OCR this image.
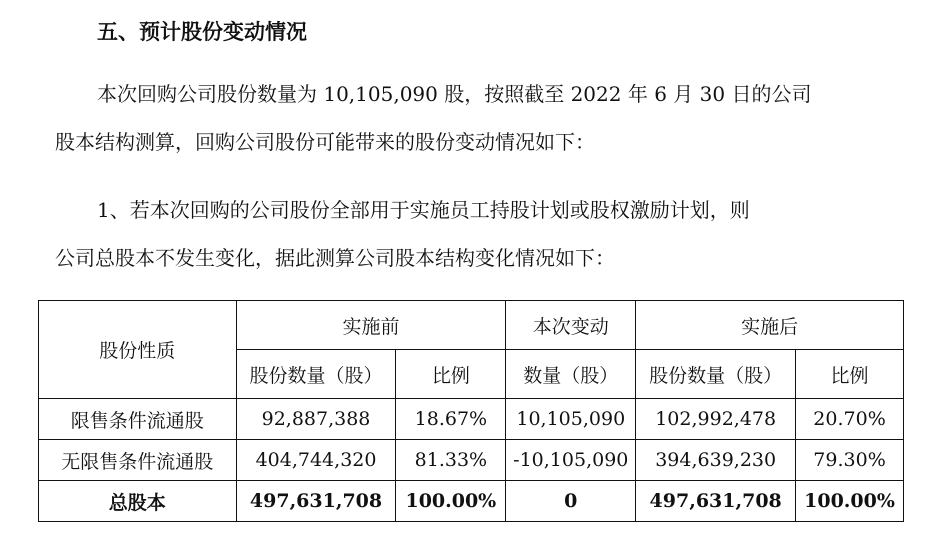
五、预计股份变动情况
本次回购公司股份数量为 10,105,090 股，按照截至 2022 年 6 月 30 日的公司
股本结构测算，回购公司股份可能带来的股份变动情况如下：
1、若本次回购的公司股份全部用于实施员工持股计划或股权激励计划，则
公司总股本不发生变化，据此测算公司股本结构变化情况如下：
股份性质	实施前		本次变动	实施后	
	股份数量（股）	比例	数量（股）	股份数量（股）	比例
限售条件流通股	92,887,388	18.67%	10,105,090	102,992,478	20.70%
无限售条件流通股	404,744,320	81.33%	-10,105,090	394,639,230	79.30%
总股本	497,631,708	100.00%	0	497,631,708	100.00%
